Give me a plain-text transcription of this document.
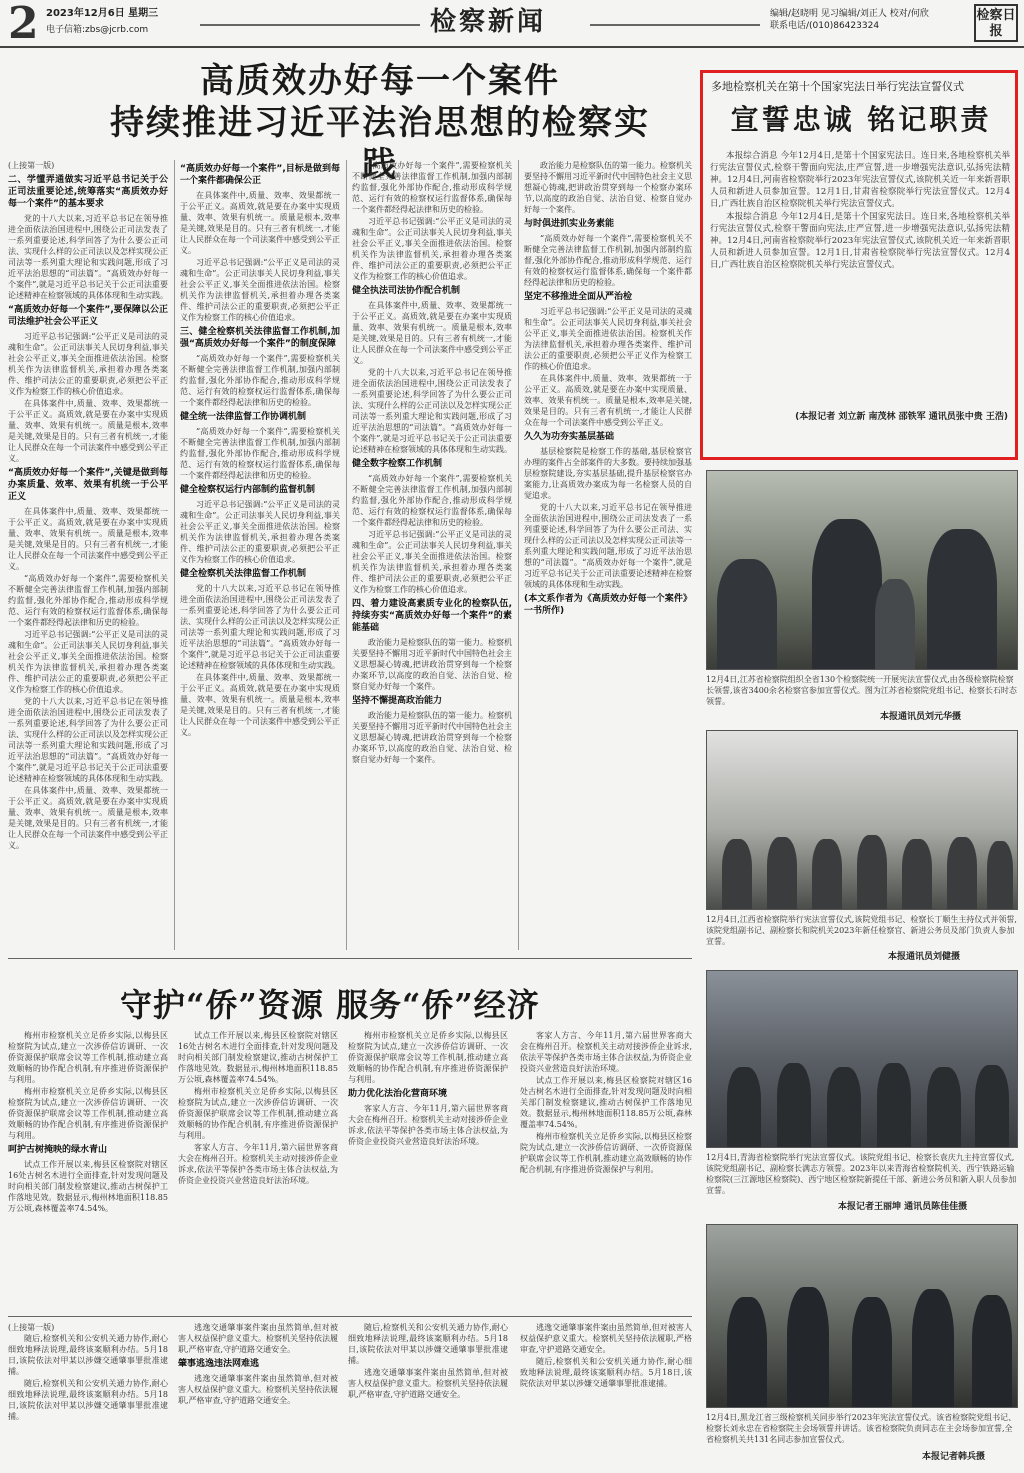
2 2023年12月6日 星期三
电子信箱:zbs@jcrb.com	检察新闻	编辑/赵晓明 见习编辑/刘正人 校对/何欣
联系电话/(010)86423324
检察日报
高质效办好每一个案件
持续推进习近平法治思想的检察实践
(上接第一版)
二、学懂弄通做实习近平总书记关于公正司法重要论述,统筹落实“高质效办好每一个案件”的基本要求

党的十八大以来,习近平总书记在领导推进全面依法治国进程中,围绕公正司法发表了一系列重要论述,科学回答了为什么要公正司法、实现什么样的公正司法以及怎样实现公正司法等一系列重大理论和实践问题,形成了习近平法治思想的“司法篇”。“高质效办好每一个案件”,就是习近平总书记关于公正司法重要论述精神在检察领域的具体体现和生动实践。

“高质效办好每一个案件”,要保障以公正司法维护社会公平正义

习近平总书记强调:“公平正义是司法的灵魂和生命”。公正司法事关人民切身利益,事关社会公平正义,事关全面推进依法治国。检察机关作为法律监督机关,承担着办理各类案件、维护司法公正的重要职责,必须把公平正义作为检察工作的核心价值追求。

在具体案件中,质量、效率、效果都统一于公平正义。高质效,就是要在办案中实现质量、效率、效果有机统一。质量是根本,效率是关键,效果是目的。只有三者有机统一,才能让人民群众在每一个司法案件中感受到公平正义。

“高质效办好每一个案件”,关键是做到每办案质量、效率、效果有机统一于公平正义

在具体案件中,质量、效率、效果都统一于公平正义。高质效,就是要在办案中实现质量、效率、效果有机统一。质量是根本,效率是关键,效果是目的。只有三者有机统一,才能让人民群众在每一个司法案件中感受到公平正义。

“高质效办好每一个案件”,需要检察机关不断健全完善法律监督工作机制,加强内部制约监督,强化外部协作配合,推动形成科学规范、运行有效的检察权运行监督体系,确保每一个案件都经得起法律和历史的检验。

习近平总书记强调:“公平正义是司法的灵魂和生命”。公正司法事关人民切身利益,事关社会公平正义,事关全面推进依法治国。检察机关作为法律监督机关,承担着办理各类案件、维护司法公正的重要职责,必须把公平正义作为检察工作的核心价值追求。

党的十八大以来,习近平总书记在领导推进全面依法治国进程中,围绕公正司法发表了一系列重要论述,科学回答了为什么要公正司法、实现什么样的公正司法以及怎样实现公正司法等一系列重大理论和实践问题,形成了习近平法治思想的“司法篇”。“高质效办好每一个案件”,就是习近平总书记关于公正司法重要论述精神在检察领域的具体体现和生动实践。

在具体案件中,质量、效率、效果都统一于公平正义。高质效,就是要在办案中实现质量、效率、效果有机统一。质量是根本,效率是关键,效果是目的。只有三者有机统一,才能让人民群众在每一个司法案件中感受到公平正义。

“高质效办好每一个案件”,目标是做到每一个案件都确保公正

在具体案件中,质量、效率、效果都统一于公平正义。高质效,就是要在办案中实现质量、效率、效果有机统一。质量是根本,效率是关键,效果是目的。只有三者有机统一,才能让人民群众在每一个司法案件中感受到公平正义。

习近平总书记强调:“公平正义是司法的灵魂和生命”。公正司法事关人民切身利益,事关社会公平正义,事关全面推进依法治国。检察机关作为法律监督机关,承担着办理各类案件、维护司法公正的重要职责,必须把公平正义作为检察工作的核心价值追求。

三、健全检察机关法律监督工作机制,加强“高质效办好每一个案件”的制度保障

“高质效办好每一个案件”,需要检察机关不断健全完善法律监督工作机制,加强内部制约监督,强化外部协作配合,推动形成科学规范、运行有效的检察权运行监督体系,确保每一个案件都经得起法律和历史的检验。

健全统一法律监督工作协调机制

“高质效办好每一个案件”,需要检察机关不断健全完善法律监督工作机制,加强内部制约监督,强化外部协作配合,推动形成科学规范、运行有效的检察权运行监督体系,确保每一个案件都经得起法律和历史的检验。

健全检察权运行内部制约监督机制

习近平总书记强调:“公平正义是司法的灵魂和生命”。公正司法事关人民切身利益,事关社会公平正义,事关全面推进依法治国。检察机关作为法律监督机关,承担着办理各类案件、维护司法公正的重要职责,必须把公平正义作为检察工作的核心价值追求。

健全检察机关法律监督工作机制

党的十八大以来,习近平总书记在领导推进全面依法治国进程中,围绕公正司法发表了一系列重要论述,科学回答了为什么要公正司法、实现什么样的公正司法以及怎样实现公正司法等一系列重大理论和实践问题,形成了习近平法治思想的“司法篇”。“高质效办好每一个案件”,就是习近平总书记关于公正司法重要论述精神在检察领域的具体体现和生动实践。

在具体案件中,质量、效率、效果都统一于公平正义。高质效,就是要在办案中实现质量、效率、效果有机统一。质量是根本,效率是关键,效果是目的。只有三者有机统一,才能让人民群众在每一个司法案件中感受到公平正义。

“高质效办好每一个案件”,需要检察机关不断健全完善法律监督工作机制,加强内部制约监督,强化外部协作配合,推动形成科学规范、运行有效的检察权运行监督体系,确保每一个案件都经得起法律和历史的检验。

习近平总书记强调:“公平正义是司法的灵魂和生命”。公正司法事关人民切身利益,事关社会公平正义,事关全面推进依法治国。检察机关作为法律监督机关,承担着办理各类案件、维护司法公正的重要职责,必须把公平正义作为检察工作的核心价值追求。

健全执法司法协作配合机制

在具体案件中,质量、效率、效果都统一于公平正义。高质效,就是要在办案中实现质量、效率、效果有机统一。质量是根本,效率是关键,效果是目的。只有三者有机统一,才能让人民群众在每一个司法案件中感受到公平正义。

党的十八大以来,习近平总书记在领导推进全面依法治国进程中,围绕公正司法发表了一系列重要论述,科学回答了为什么要公正司法、实现什么样的公正司法以及怎样实现公正司法等一系列重大理论和实践问题,形成了习近平法治思想的“司法篇”。“高质效办好每一个案件”,就是习近平总书记关于公正司法重要论述精神在检察领域的具体体现和生动实践。

健全数字检察工作机制

“高质效办好每一个案件”,需要检察机关不断健全完善法律监督工作机制,加强内部制约监督,强化外部协作配合,推动形成科学规范、运行有效的检察权运行监督体系,确保每一个案件都经得起法律和历史的检验。

习近平总书记强调:“公平正义是司法的灵魂和生命”。公正司法事关人民切身利益,事关社会公平正义,事关全面推进依法治国。检察机关作为法律监督机关,承担着办理各类案件、维护司法公正的重要职责,必须把公平正义作为检察工作的核心价值追求。

四、着力建设高素质专业化的检察队伍,持续夯实“高质效办好每一个案件”的素能基础

政治能力是检察队伍的第一能力。检察机关要坚持不懈用习近平新时代中国特色社会主义思想凝心铸魂,把讲政治贯穿到每一个检察办案环节,以高度的政治自觉、法治自觉、检察自觉办好每一个案件。

坚持不懈提高政治能力

政治能力是检察队伍的第一能力。检察机关要坚持不懈用习近平新时代中国特色社会主义思想凝心铸魂,把讲政治贯穿到每一个检察办案环节,以高度的政治自觉、法治自觉、检察自觉办好每一个案件。

政治能力是检察队伍的第一能力。检察机关要坚持不懈用习近平新时代中国特色社会主义思想凝心铸魂,把讲政治贯穿到每一个检察办案环节,以高度的政治自觉、法治自觉、检察自觉办好每一个案件。

与时俱进抓实业务素能

“高质效办好每一个案件”,需要检察机关不断健全完善法律监督工作机制,加强内部制约监督,强化外部协作配合,推动形成科学规范、运行有效的检察权运行监督体系,确保每一个案件都经得起法律和历史的检验。

坚定不移推进全面从严治检

习近平总书记强调:“公平正义是司法的灵魂和生命”。公正司法事关人民切身利益,事关社会公平正义,事关全面推进依法治国。检察机关作为法律监督机关,承担着办理各类案件、维护司法公正的重要职责,必须把公平正义作为检察工作的核心价值追求。

在具体案件中,质量、效率、效果都统一于公平正义。高质效,就是要在办案中实现质量、效率、效果有机统一。质量是根本,效率是关键,效果是目的。只有三者有机统一,才能让人民群众在每一个司法案件中感受到公平正义。

久久为功夯实基层基础

基层检察院是检察工作的基础,基层检察官办理的案件占全部案件的大多数。要持续加强基层检察院建设,夯实基层基础,提升基层检察官办案能力,让高质效办案成为每一名检察人员的自觉追求。

党的十八大以来,习近平总书记在领导推进全面依法治国进程中,围绕公正司法发表了一系列重要论述,科学回答了为什么要公正司法、实现什么样的公正司法以及怎样实现公正司法等一系列重大理论和实践问题,形成了习近平法治思想的“司法篇”。“高质效办好每一个案件”,就是习近平总书记关于公正司法重要论述精神在检察领域的具体体现和生动实践。

(本文系作者为《高质效办好每一个案件》一书所作)
多地检察机关在第十个国家宪法日举行宪法宣誓仪式
宣誓忠诚 铭记职责

本报综合消息 今年12月4日,是第十个国家宪法日。连日来,各地检察机关举行宪法宣誓仪式,检察干警面向宪法,庄严宣誓,进一步增强宪法意识,弘扬宪法精神。12月4日,河南省检察院举行2023年宪法宣誓仪式,该院机关近一年来新晋职人员和新进人员参加宣誓。12月1日,甘肃省检察院举行宪法宣誓仪式。12月4日,广西壮族自治区检察院机关举行宪法宣誓仪式。

本报综合消息 今年12月4日,是第十个国家宪法日。连日来,各地检察机关举行宪法宣誓仪式,检察干警面向宪法,庄严宣誓,进一步增强宪法意识,弘扬宪法精神。12月4日,河南省检察院举行2023年宪法宣誓仪式,该院机关近一年来新晋职人员和新进人员参加宣誓。12月1日,甘肃省检察院举行宪法宣誓仪式。12月4日,广西壮族自治区检察院机关举行宪法宣誓仪式。

(本报记者 刘立新 南茂林 邵铁军 通讯员张中贵 王浩)
12月4日,江苏省检察院组织全省130个检察院统一开展宪法宣誓仪式,由各级检察院检察长领誓,该省3400余名检察官参加宣誓仪式。图为江苏省检察院党组书记、检察长石时态领誓。
本报通讯员刘元华摄
12月4日,江西省检察院举行宪法宣誓仪式,该院党组书记、检察长丁顺生主持仪式并领誓,该院党组副书记、副检察长和院机关2023年新任检察官、新进公务员及部门负责人参加宣誓。
本报通讯员刘健摄
12月4日,青海省检察院举行宪法宣誓仪式。该院党组书记、检察长袁庆九主持宣誓仪式,该院党组副书记、副检察长满志方领誓。2023年以来青海省检察院机关、西宁铁路运输检察院(三江源地区检察院)、西宁地区检察院新提任干部、新进公务员和新入职人员参加宣誓。
本报记者王丽坤 通讯员陈佳佳摄
12月4日,黑龙江省三级检察机关同步举行2023年宪法宣誓仪式。该省检察院党组书记、检察长刘永忠在省检察院主会场领誓并讲话。该省检察院负责同志在主会场参加宣誓,全省检察机关共131名同志参加宣誓仪式。
本报记者韩兵摄
守护“侨”资源 服务“侨”经济

梅州市检察机关立足侨乡实际,以梅县区检察院为试点,建立一次涉侨信访调研、一次侨资源保护联席会议等工作机制,推动建立高效顺畅的协作配合机制,有序推进侨资源保护与利用。

梅州市检察机关立足侨乡实际,以梅县区检察院为试点,建立一次涉侨信访调研、一次侨资源保护联席会议等工作机制,推动建立高效顺畅的协作配合机制,有序推进侨资源保护与利用。

呵护古树掩映的绿水青山

试点工作开展以来,梅县区检察院对辖区16处古树名木进行全面排查,针对发现问题及时向相关部门制发检察建议,推动古树保护工作落地见效。数据显示,梅州林地面积118.85万公顷,森林覆盖率74.54%。

试点工作开展以来,梅县区检察院对辖区16处古树名木进行全面排查,针对发现问题及时向相关部门制发检察建议,推动古树保护工作落地见效。数据显示,梅州林地面积118.85万公顷,森林覆盖率74.54%。

梅州市检察机关立足侨乡实际,以梅县区检察院为试点,建立一次涉侨信访调研、一次侨资源保护联席会议等工作机制,推动建立高效顺畅的协作配合机制,有序推进侨资源保护与利用。

客家人方言、今年11月,第六届世界客商大会在梅州召开。检察机关主动对接涉侨企业诉求,依法平等保护各类市场主体合法权益,为侨资企业投资兴业营造良好法治环境。

梅州市检察机关立足侨乡实际,以梅县区检察院为试点,建立一次涉侨信访调研、一次侨资源保护联席会议等工作机制,推动建立高效顺畅的协作配合机制,有序推进侨资源保护与利用。

助力优化法治化营商环境

客家人方言、今年11月,第六届世界客商大会在梅州召开。检察机关主动对接涉侨企业诉求,依法平等保护各类市场主体合法权益,为侨资企业投资兴业营造良好法治环境。

客家人方言、今年11月,第六届世界客商大会在梅州召开。检察机关主动对接涉侨企业诉求,依法平等保护各类市场主体合法权益,为侨资企业投资兴业营造良好法治环境。

试点工作开展以来,梅县区检察院对辖区16处古树名木进行全面排查,针对发现问题及时向相关部门制发检察建议,推动古树保护工作落地见效。数据显示,梅州林地面积118.85万公顷,森林覆盖率74.54%。

梅州市检察机关立足侨乡实际,以梅县区检察院为试点,建立一次涉侨信访调研、一次侨资源保护联席会议等工作机制,推动建立高效顺畅的协作配合机制,有序推进侨资源保护与利用。

(上接第一版)

随后,检察机关和公安机关通力协作,耐心细致地释法说理,最终该案顺利办结。5月18日,该院依法对甲某以涉嫌交通肇事罪批准逮捕。

随后,检察机关和公安机关通力协作,耐心细致地释法说理,最终该案顺利办结。5月18日,该院依法对甲某以涉嫌交通肇事罪批准逮捕。

逃逸交通肇事案件案由虽然简单,但对被害人权益保护意义重大。检察机关坚持依法履职,严格审查,守护道路交通安全。

肇事逃逸违法网难逃

逃逸交通肇事案件案由虽然简单,但对被害人权益保护意义重大。检察机关坚持依法履职,严格审查,守护道路交通安全。

随后,检察机关和公安机关通力协作,耐心细致地释法说理,最终该案顺利办结。5月18日,该院依法对甲某以涉嫌交通肇事罪批准逮捕。

逃逸交通肇事案件案由虽然简单,但对被害人权益保护意义重大。检察机关坚持依法履职,严格审查,守护道路交通安全。

逃逸交通肇事案件案由虽然简单,但对被害人权益保护意义重大。检察机关坚持依法履职,严格审查,守护道路交通安全。

随后,检察机关和公安机关通力协作,耐心细致地释法说理,最终该案顺利办结。5月18日,该院依法对甲某以涉嫌交通肇事罪批准逮捕。
